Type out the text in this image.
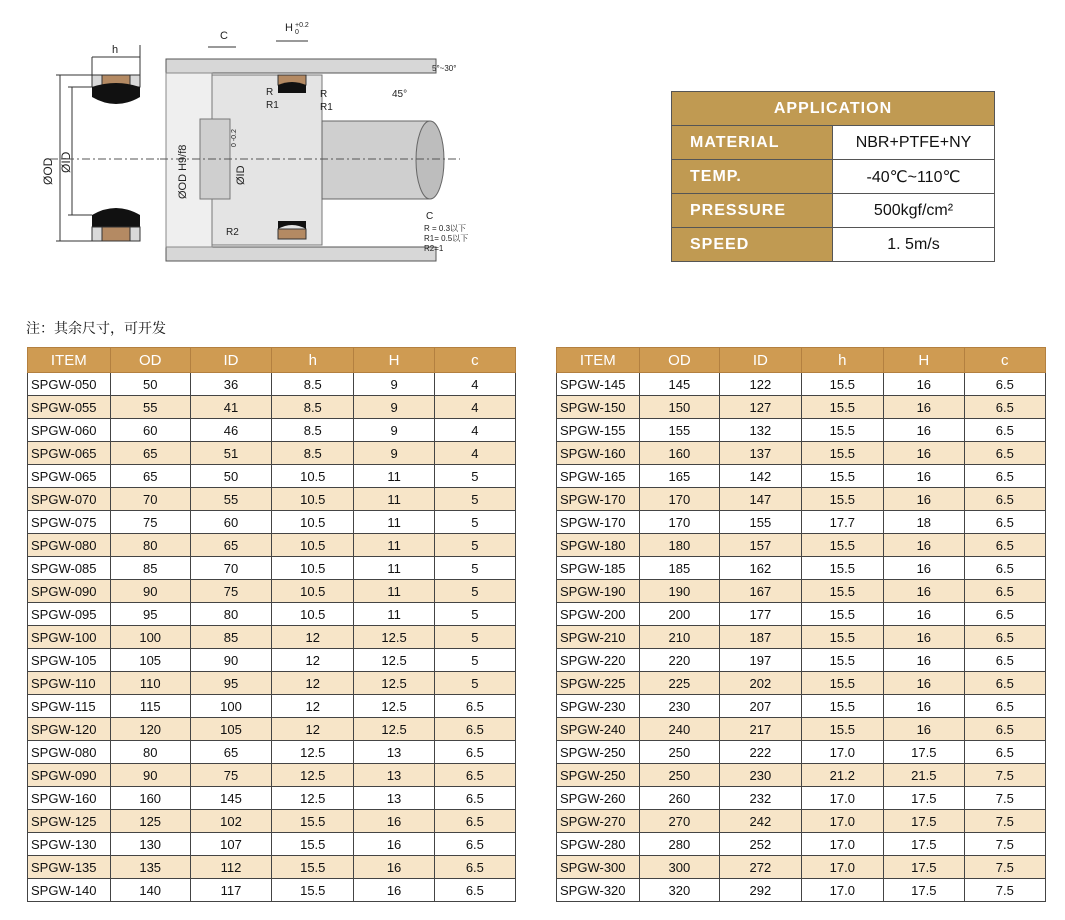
h
ØOD ØID
C
H +0.2
0
5°~30°
45°
R
R1
R
R1
R2
ØOD H9/f8	ØID
0 -0.2
C
R = 0.3以下
R1= 0.5以下
R2=1
APPLICATION	
MATERIAL	NBR+PTFE+NY
TEMP.	-40℃~110℃
PRESSURE	500kgf/cm²
SPEED	1. 5m/s
注：其余尺寸，可开发
ITEM	OD	ID	h	H	c
SPGW-050	50	36	8.5	9	4
SPGW-055	55	41	8.5	9	4
SPGW-060	60	46	8.5	9	4
SPGW-065	65	51	8.5	9	4
SPGW-065	65	50	10.5	11	5
SPGW-070	70	55	10.5	11	5
SPGW-075	75	60	10.5	11	5
SPGW-080	80	65	10.5	11	5
SPGW-085	85	70	10.5	11	5
SPGW-090	90	75	10.5	11	5
SPGW-095	95	80	10.5	11	5
SPGW-100	100	85	12	12.5	5
SPGW-105	105	90	12	12.5	5
SPGW-110	110	95	12	12.5	5
SPGW-115	115	100	12	12.5	6.5
SPGW-120	120	105	12	12.5	6.5
SPGW-080	80	65	12.5	13	6.5
SPGW-090	90	75	12.5	13	6.5
SPGW-160	160	145	12.5	13	6.5
SPGW-125	125	102	15.5	16	6.5
SPGW-130	130	107	15.5	16	6.5
SPGW-135	135	112	15.5	16	6.5
SPGW-140	140	117	15.5	16	6.5
ITEM	OD	ID	h	H	c
SPGW-145	145	122	15.5	16	6.5
SPGW-150	150	127	15.5	16	6.5
SPGW-155	155	132	15.5	16	6.5
SPGW-160	160	137	15.5	16	6.5
SPGW-165	165	142	15.5	16	6.5
SPGW-170	170	147	15.5	16	6.5
SPGW-170	170	155	17.7	18	6.5
SPGW-180	180	157	15.5	16	6.5
SPGW-185	185	162	15.5	16	6.5
SPGW-190	190	167	15.5	16	6.5
SPGW-200	200	177	15.5	16	6.5
SPGW-210	210	187	15.5	16	6.5
SPGW-220	220	197	15.5	16	6.5
SPGW-225	225	202	15.5	16	6.5
SPGW-230	230	207	15.5	16	6.5
SPGW-240	240	217	15.5	16	6.5
SPGW-250	250	222	17.0	17.5	6.5
SPGW-250	250	230	21.2	21.5	7.5
SPGW-260	260	232	17.0	17.5	7.5
SPGW-270	270	242	17.0	17.5	7.5
SPGW-280	280	252	17.0	17.5	7.5
SPGW-300	300	272	17.0	17.5	7.5
SPGW-320	320	292	17.0	17.5	7.5
